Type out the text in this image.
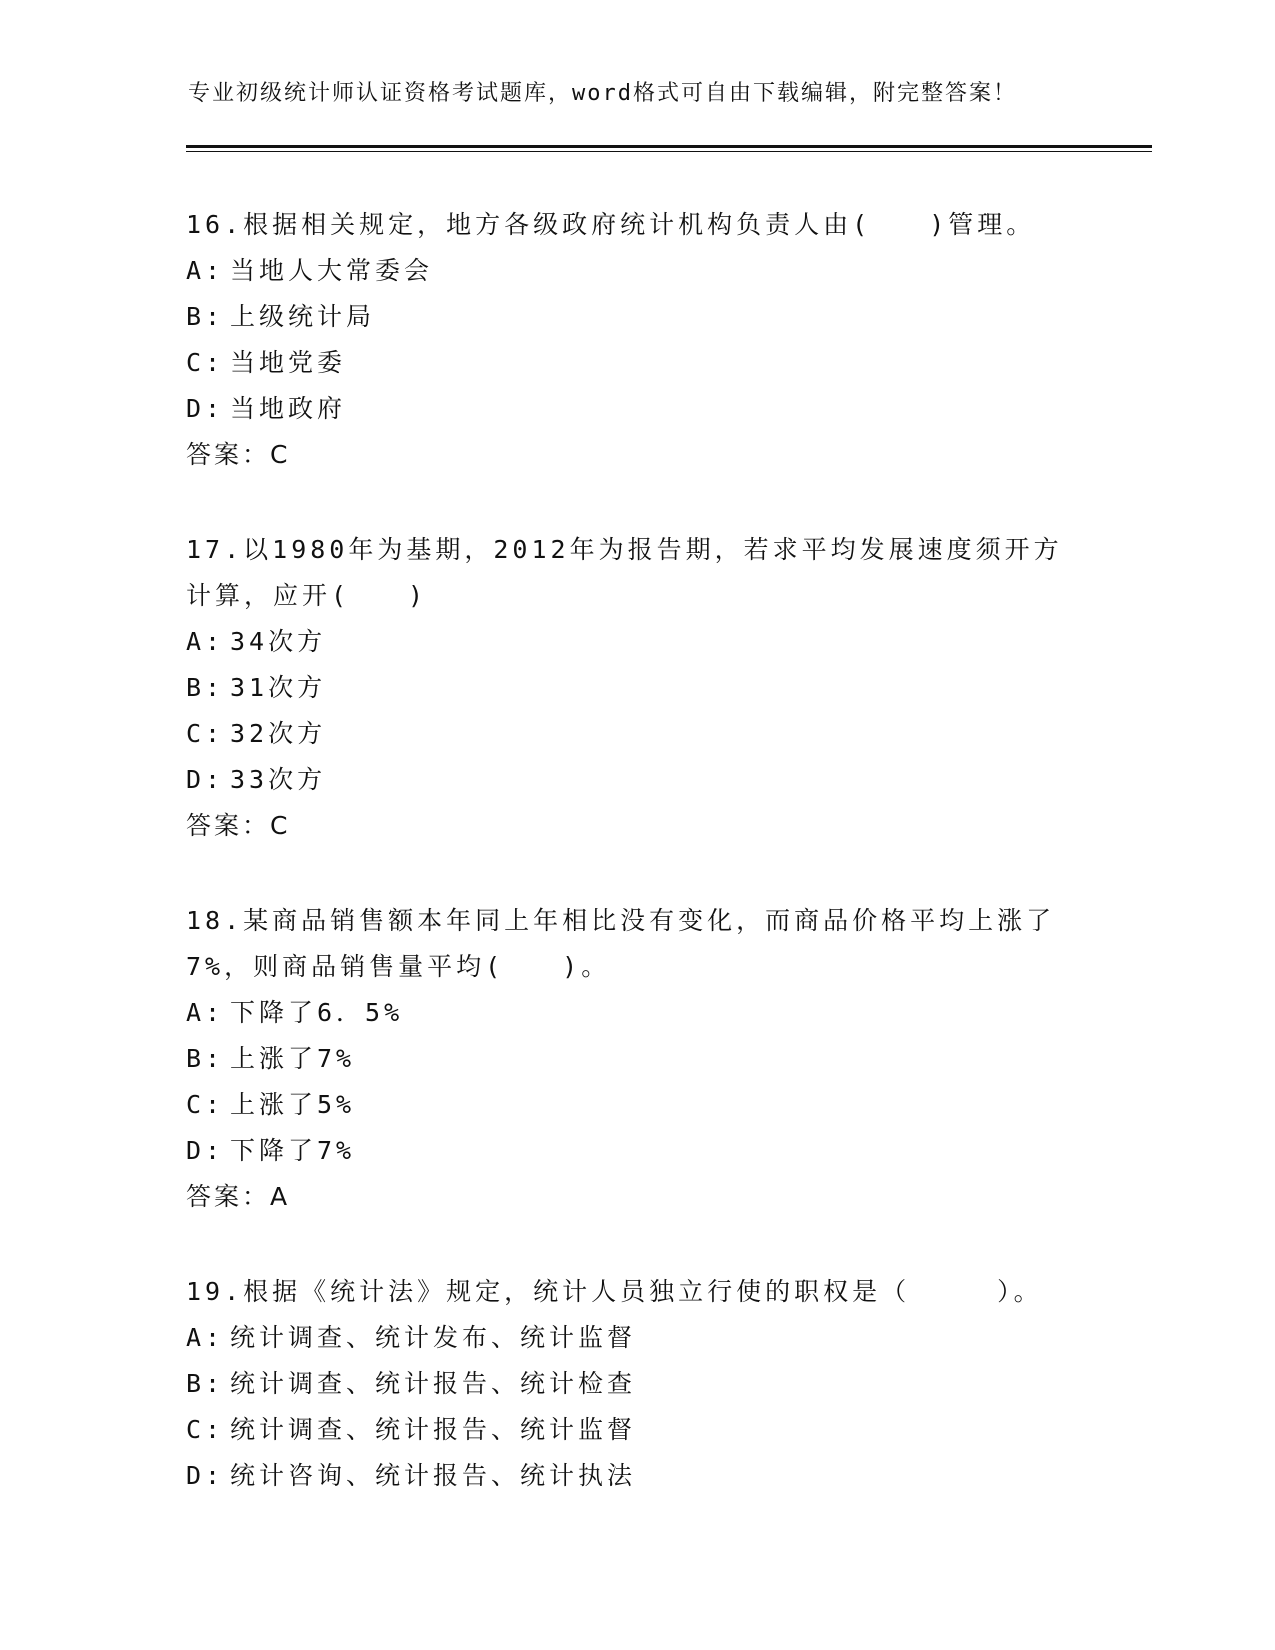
专业初级统计师认证资格考试题库，word格式可自由下载编辑，附完整答案！

16.根据相关规定，地方各级政府统计机构负责人由(　　)管理。

A: 当地人大常委会
B: 上级统计局
C: 当地党委
D: 当地政府

答案：C

17.以1980年为基期，2012年为报告期，若求平均发展速度须开方计算，应开(　　)

A: 34次方
B: 31次方
C: 32次方
D: 33次方

答案：C

18.某商品销售额本年同上年相比没有变化，而商品价格平均上涨了7%，则商品销售量平均(　　)。

A: 下降了6．5%
B: 上涨了7%
C: 上涨了5%
D: 下降了7%

答案：A

19.根据《统计法》规定，统计人员独立行使的职权是（　　　）。

A: 统计调查、统计发布、统计监督
B: 统计调查、统计报告、统计检查
C: 统计调查、统计报告、统计监督
D: 统计咨询、统计报告、统计执法
